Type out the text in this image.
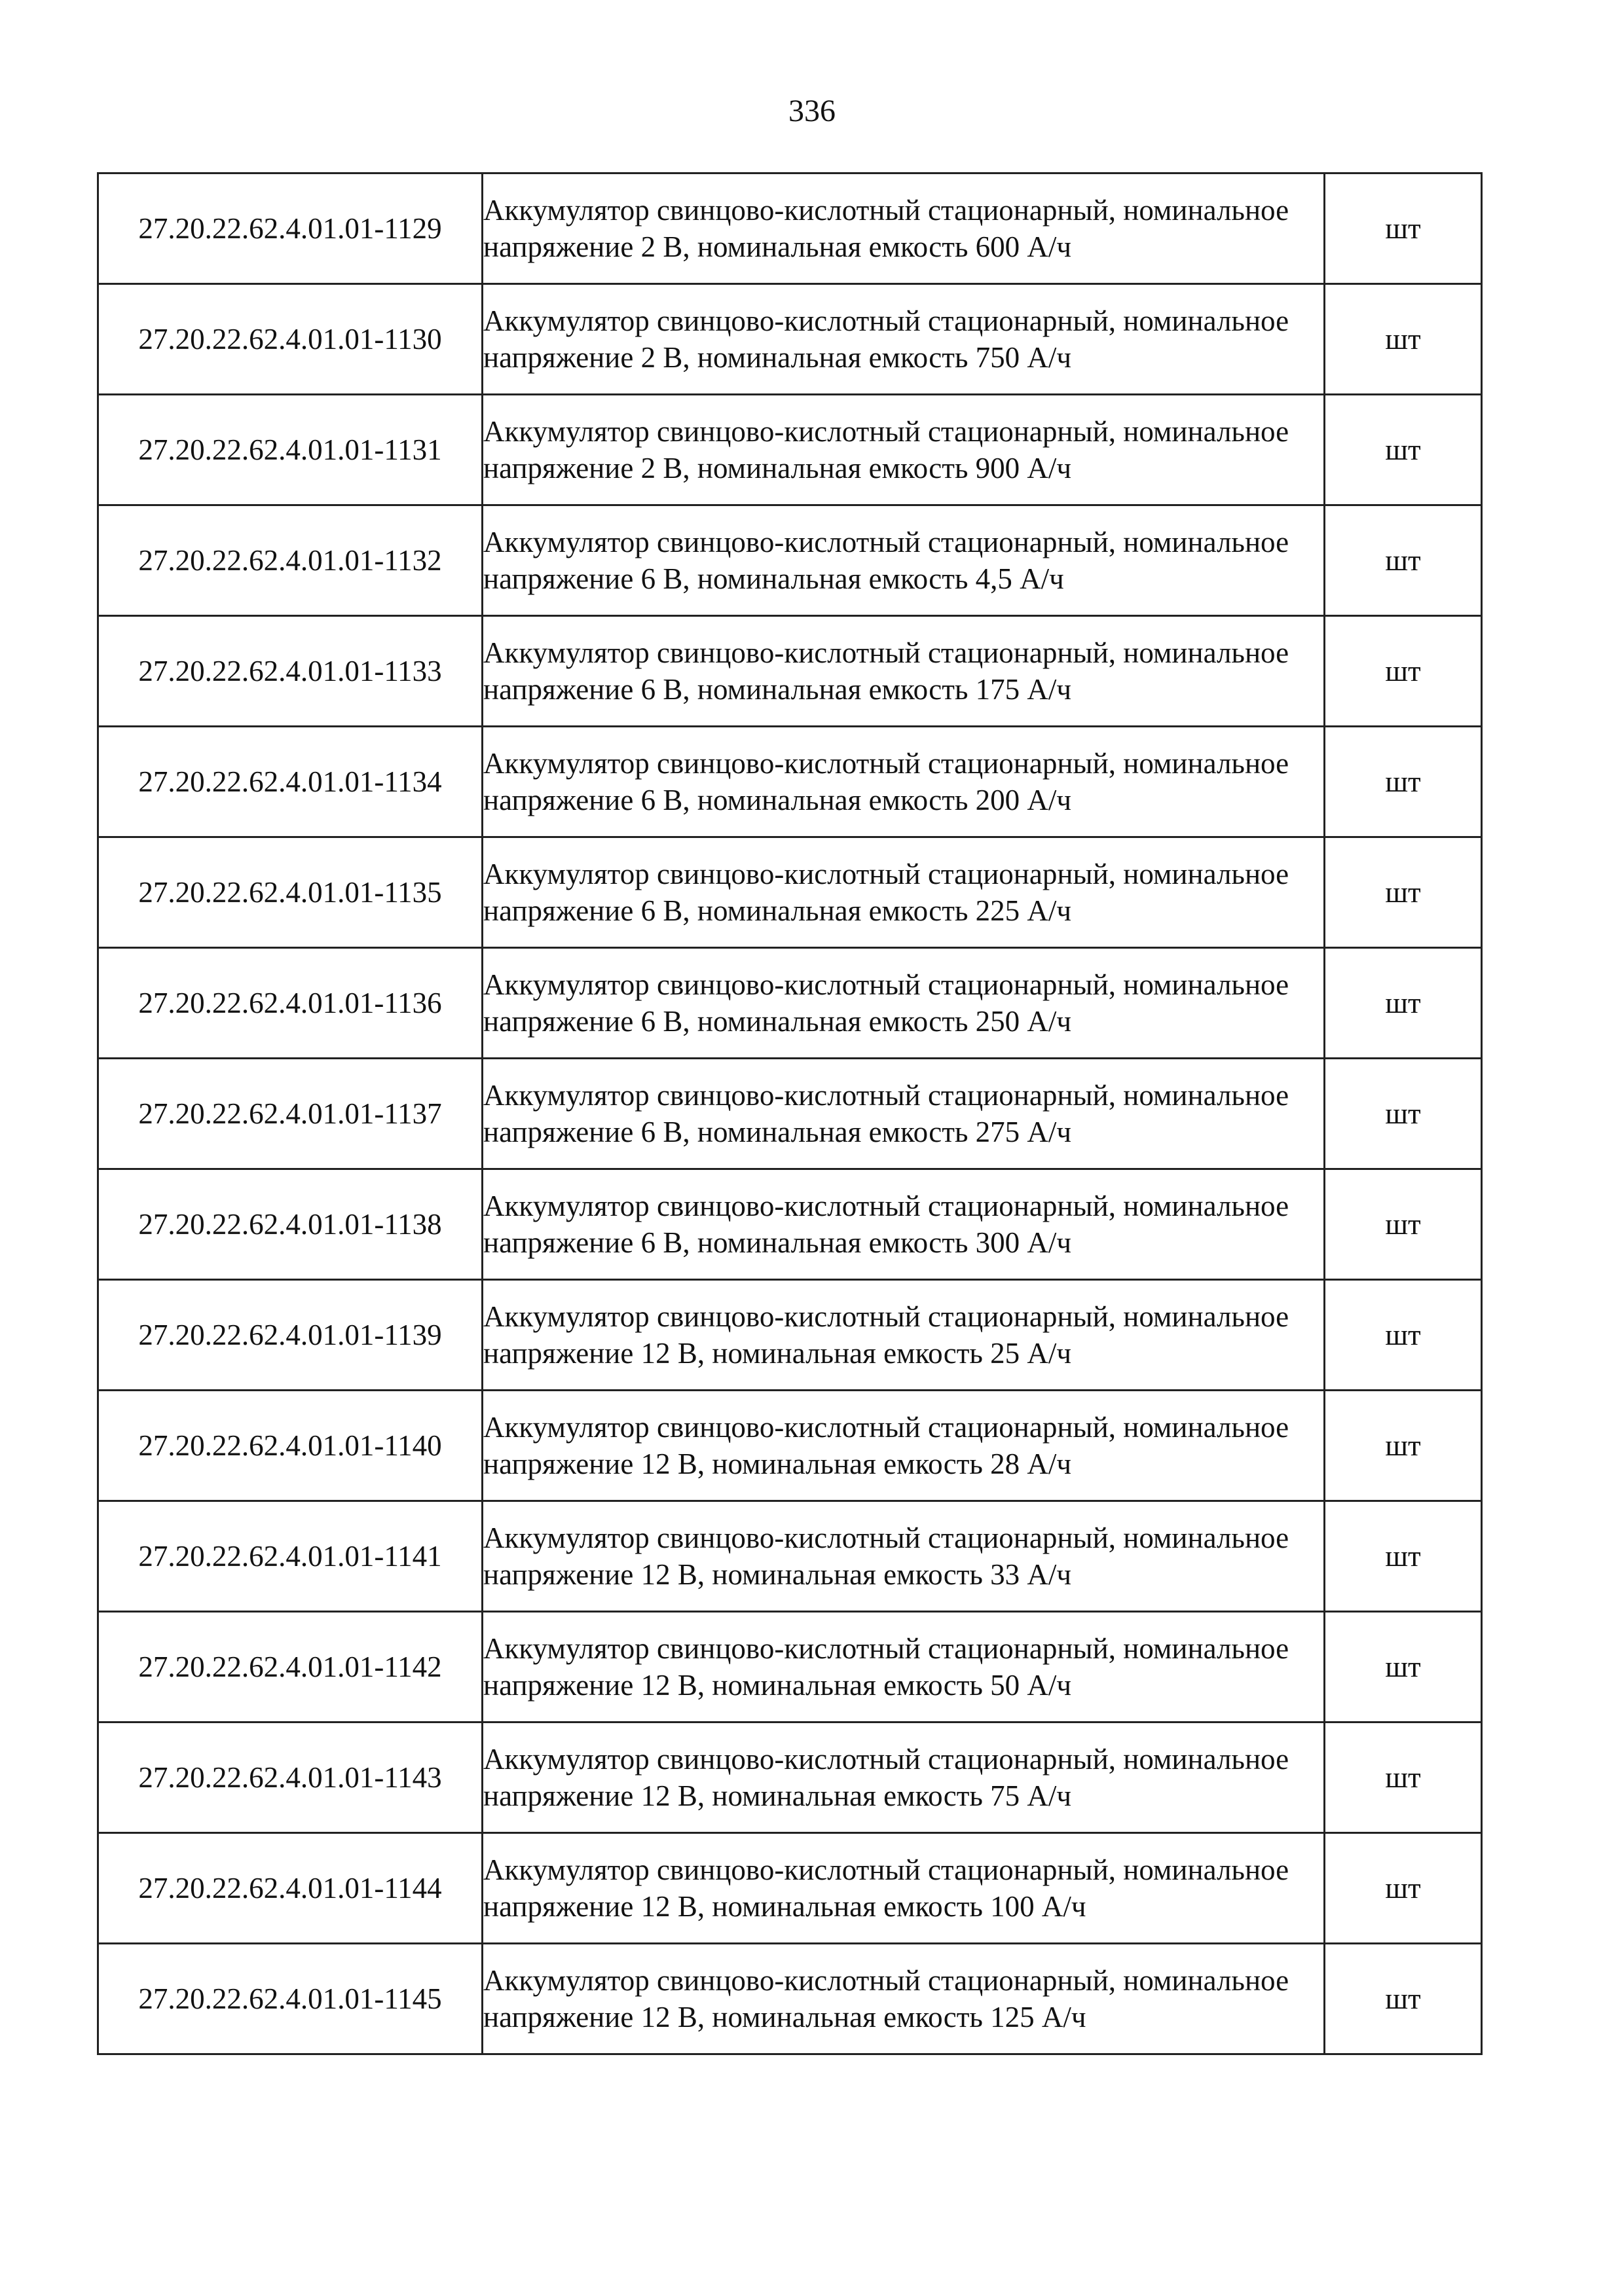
336
27.20.22.62.4.01.01-1129	Аккумулятор свинцово-кислотный стационарный, номинальное напряжение 2 В, номинальная емкость 600 А/ч	шт
27.20.22.62.4.01.01-1130	Аккумулятор свинцово-кислотный стационарный, номинальное напряжение 2 В, номинальная емкость 750 А/ч	шт
27.20.22.62.4.01.01-1131	Аккумулятор свинцово-кислотный стационарный, номинальное напряжение 2 В, номинальная емкость 900 А/ч	шт
27.20.22.62.4.01.01-1132	Аккумулятор свинцово-кислотный стационарный, номинальное напряжение 6 В, номинальная емкость 4,5 А/ч	шт
27.20.22.62.4.01.01-1133	Аккумулятор свинцово-кислотный стационарный, номинальное напряжение 6 В, номинальная емкость 175 А/ч	шт
27.20.22.62.4.01.01-1134	Аккумулятор свинцово-кислотный стационарный, номинальное напряжение 6 В, номинальная емкость 200 А/ч	шт
27.20.22.62.4.01.01-1135	Аккумулятор свинцово-кислотный стационарный, номинальное напряжение 6 В, номинальная емкость 225 А/ч	шт
27.20.22.62.4.01.01-1136	Аккумулятор свинцово-кислотный стационарный, номинальное напряжение 6 В, номинальная емкость 250 А/ч	шт
27.20.22.62.4.01.01-1137	Аккумулятор свинцово-кислотный стационарный, номинальное напряжение 6 В, номинальная емкость 275 А/ч	шт
27.20.22.62.4.01.01-1138	Аккумулятор свинцово-кислотный стационарный, номинальное напряжение 6 В, номинальная емкость 300 А/ч	шт
27.20.22.62.4.01.01-1139	Аккумулятор свинцово-кислотный стационарный, номинальное напряжение 12 В, номинальная емкость 25 А/ч	шт
27.20.22.62.4.01.01-1140	Аккумулятор свинцово-кислотный стационарный, номинальное напряжение 12 В, номинальная емкость 28 А/ч	шт
27.20.22.62.4.01.01-1141	Аккумулятор свинцово-кислотный стационарный, номинальное напряжение 12 В, номинальная емкость 33 А/ч	шт
27.20.22.62.4.01.01-1142	Аккумулятор свинцово-кислотный стационарный, номинальное напряжение 12 В, номинальная емкость 50 А/ч	шт
27.20.22.62.4.01.01-1143	Аккумулятор свинцово-кислотный стационарный, номинальное напряжение 12 В, номинальная емкость 75 А/ч	шт
27.20.22.62.4.01.01-1144	Аккумулятор свинцово-кислотный стационарный, номинальное напряжение 12 В, номинальная емкость 100 А/ч	шт
27.20.22.62.4.01.01-1145	Аккумулятор свинцово-кислотный стационарный, номинальное напряжение 12 В, номинальная емкость 125 А/ч	шт
